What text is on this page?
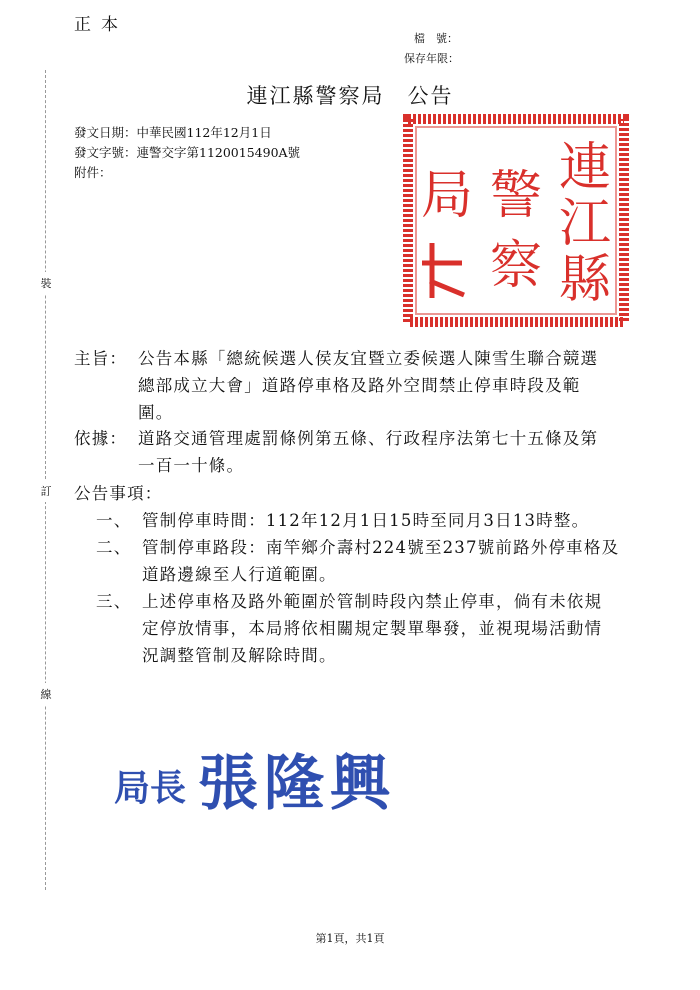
正本
檔　號：
保存年限：
連江縣警察局　公告
發文日期：中華民國112年12月1日
發文字號：連警交字第1120015490A號
附件：
裝
訂
線
連
江
縣
警
察
局
主旨： 公告本縣「總統候選人侯友宜暨立委候選人陳雪生聯合競選
總部成立大會」道路停車格及路外空間禁止停車時段及範
圍。
依據： 道路交通管理處罰條例第五條、行政程序法第七十五條及第
一百一十條。
公告事項：
一、 管制停車時間：112年12月1日15時至同月3日13時整。
二、 管制停車路段：南竿鄉介壽村224號至237號前路外停車格及
道路邊線至人行道範圍。
三、 上述停車格及路外範圍於管制時段內禁止停車，倘有未依規
定停放情事，本局將依相關規定製單舉發，並視現場活動情
況調整管制及解除時間。
局長 張隆興
第1頁，共1頁
